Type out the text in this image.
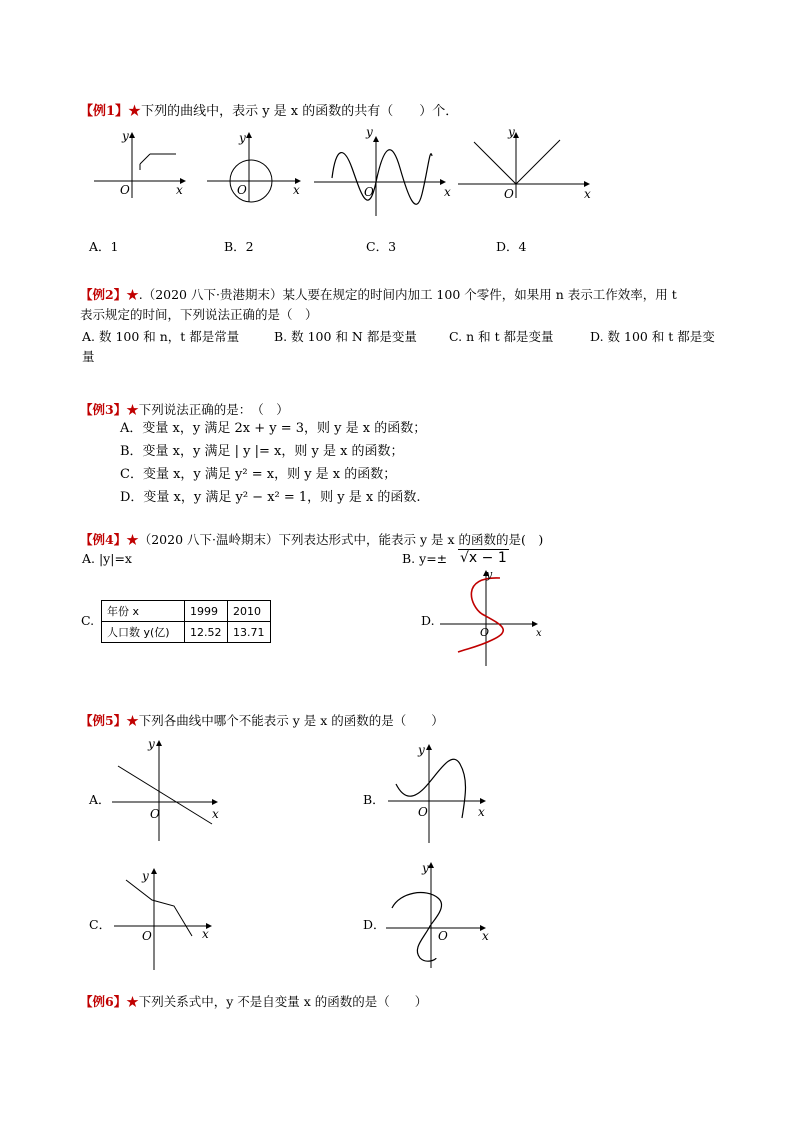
【例1】★下列的曲线中，表示 y 是 x 的函数的共有（　　）个．
y
x
O
y
x
O
y
x
O
y
x
O
A．1	B．2	C．3	D．4
【例2】★.（2020 八下·贵港期末）某人要在规定的时间内加工 100 个零件，如果用 n 表示工作效率，用 t
表示规定的时间，下列说法正确的是（　）
A. 数 100 和 n，t 都是常量	B. 数 100 和 N 都是变量	C. n 和 t 都是变量	D. 数 100 和 t 都是变
量
【例3】★下列说法正确的是：　（　）
A．变量 x，y 满足 2x + y = 3，则 y 是 x 的函数；
B．变量 x，y 满足 | y |= x，则 y 是 x 的函数；
C．变量 x，y 满足 y² = x，则 y 是 x 的函数；
D．变量 x，y 满足 y² − x² = 1，则 y 是 x 的函数.
【例4】★（2020 八下·温岭期末）下列表达形式中，能表示 y 是 x 的函数的是(　)
A. |y|=x	B. y=± √x − 1
C.
年份 x	1999	2010
人口数 y(亿)	12.52	13.71
D.
y
x
O
【例5】★下列各曲线中哪个不能表示 y 是 x 的函数的是（　　）
A．
y
x
O
B．
y
x
O
C．
y
x
O
D．
y
x
O
【例6】★下列关系式中，y 不是自变量 x 的函数的是（　　）
